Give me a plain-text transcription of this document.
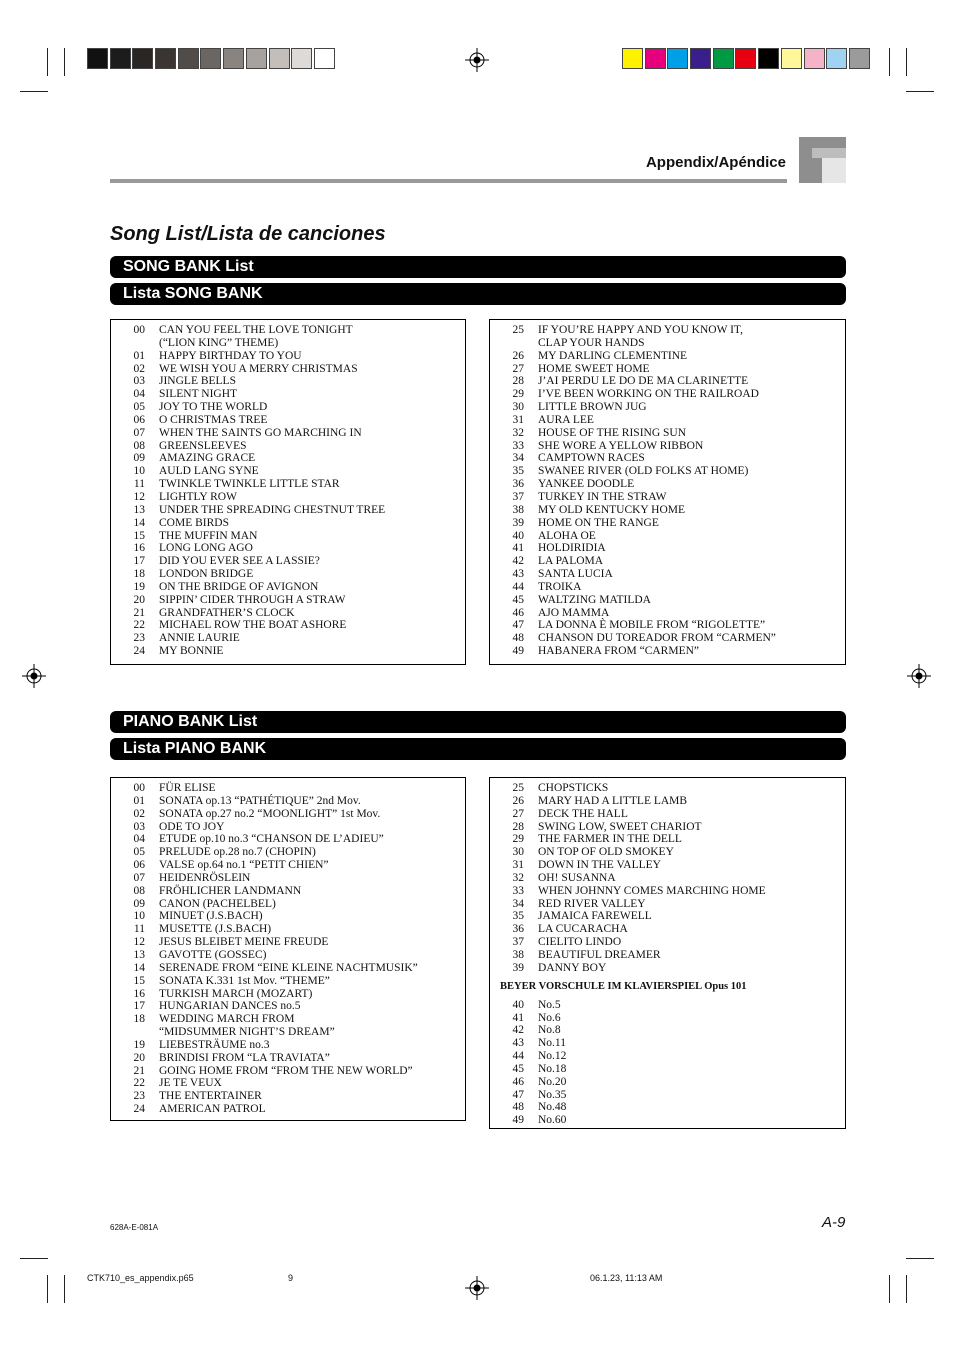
Appendix/Apéndice
Song List/Lista de canciones
SONG BANK List
Lista SONG BANK
00	CAN YOU FEEL THE LOVE TONIGHT
(“LION KING” THEME)
01	HAPPY BIRTHDAY TO YOU
02	WE WISH YOU A MERRY CHRISTMAS
03	JINGLE BELLS
04	SILENT NIGHT
05	JOY TO THE WORLD
06	O CHRISTMAS TREE
07	WHEN THE SAINTS GO MARCHING IN
08	GREENSLEEVES
09	AMAZING GRACE
10	AULD LANG SYNE
11	TWINKLE TWINKLE LITTLE STAR
12	LIGHTLY ROW
13	UNDER THE SPREADING CHESTNUT TREE
14	COME BIRDS
15	THE MUFFIN MAN
16	LONG LONG AGO
17	DID YOU EVER SEE A LASSIE?
18	LONDON BRIDGE
19	ON THE BRIDGE OF AVIGNON
20	SIPPIN’ CIDER THROUGH A STRAW
21	GRANDFATHER’S CLOCK
22	MICHAEL ROW THE BOAT ASHORE
23	ANNIE LAURIE
24	MY BONNIE
25	IF YOU’RE HAPPY AND YOU KNOW IT,
CLAP YOUR HANDS
26	MY DARLING CLEMENTINE
27	HOME SWEET HOME
28	J’AI PERDU LE DO DE MA CLARINETTE
29	I’VE BEEN WORKING ON THE RAILROAD
30	LITTLE BROWN JUG
31	AURA LEE
32	HOUSE OF THE RISING SUN
33	SHE WORE A YELLOW RIBBON
34	CAMPTOWN RACES
35	SWANEE RIVER (OLD FOLKS AT HOME)
36	YANKEE DOODLE
37	TURKEY IN THE STRAW
38	MY OLD KENTUCKY HOME
39	HOME ON THE RANGE
40	ALOHA OE
41	HOLDIRIDIA
42	LA PALOMA
43	SANTA LUCIA
44	TROIKA
45	WALTZING MATILDA
46	AJO MAMMA
47	LA DONNA È MOBILE FROM “RIGOLETTE”
48	CHANSON DU TOREADOR FROM “CARMEN”
49	HABANERA FROM “CARMEN”
PIANO BANK List
Lista PIANO BANK
00	FÜR ELISE
01	SONATA op.13 “PATHÉTIQUE” 2nd Mov.
02	SONATA op.27 no.2 “MOONLIGHT” 1st Mov.
03	ODE TO JOY
04	ETUDE op.10 no.3 “CHANSON DE L’ADIEU”
05	PRELUDE op.28 no.7 (CHOPIN)
06	VALSE op.64 no.1 “PETIT CHIEN”
07	HEIDENRÖSLEIN
08	FRÖHLICHER LANDMANN
09	CANON (PACHELBEL)
10	MINUET (J.S.BACH)
11	MUSETTE (J.S.BACH)
12	JESUS BLEIBET MEINE FREUDE
13	GAVOTTE (GOSSEC)
14	SERENADE FROM “EINE KLEINE NACHTMUSIK”
15	SONATA K.331 1st Mov. “THEME”
16	TURKISH MARCH (MOZART)
17	HUNGARIAN DANCES no.5
18	WEDDING MARCH FROM
“MIDSUMMER NIGHT’S DREAM”
19	LIEBESTRÄUME no.3
20	BRINDISI FROM “LA TRAVIATA”
21	GOING HOME FROM “FROM THE NEW WORLD”
22	JE TE VEUX
23	THE ENTERTAINER
24	AMERICAN PATROL
25	CHOPSTICKS
26	MARY HAD A LITTLE LAMB
27	DECK THE HALL
28	SWING LOW, SWEET CHARIOT
29	THE FARMER IN THE DELL
30	ON TOP OF OLD SMOKEY
31	DOWN IN THE VALLEY
32	OH! SUSANNA
33	WHEN JOHNNY COMES MARCHING HOME
34	RED RIVER VALLEY
35	JAMAICA FAREWELL
36	LA CUCARACHA
37	CIELITO LINDO
38	BEAUTIFUL DREAMER
39	DANNY BOY
BEYER VORSCHULE IM KLAVIERSPIEL Opus 101
40	No.5
41	No.6
42	No.8
43	No.11
44	No.12
45	No.18
46	No.20
47	No.35
48	No.48
49	No.60
A-9
628A-E-081A
CTK710_es_appendix.p65	9	06.1.23, 11:13 AM
